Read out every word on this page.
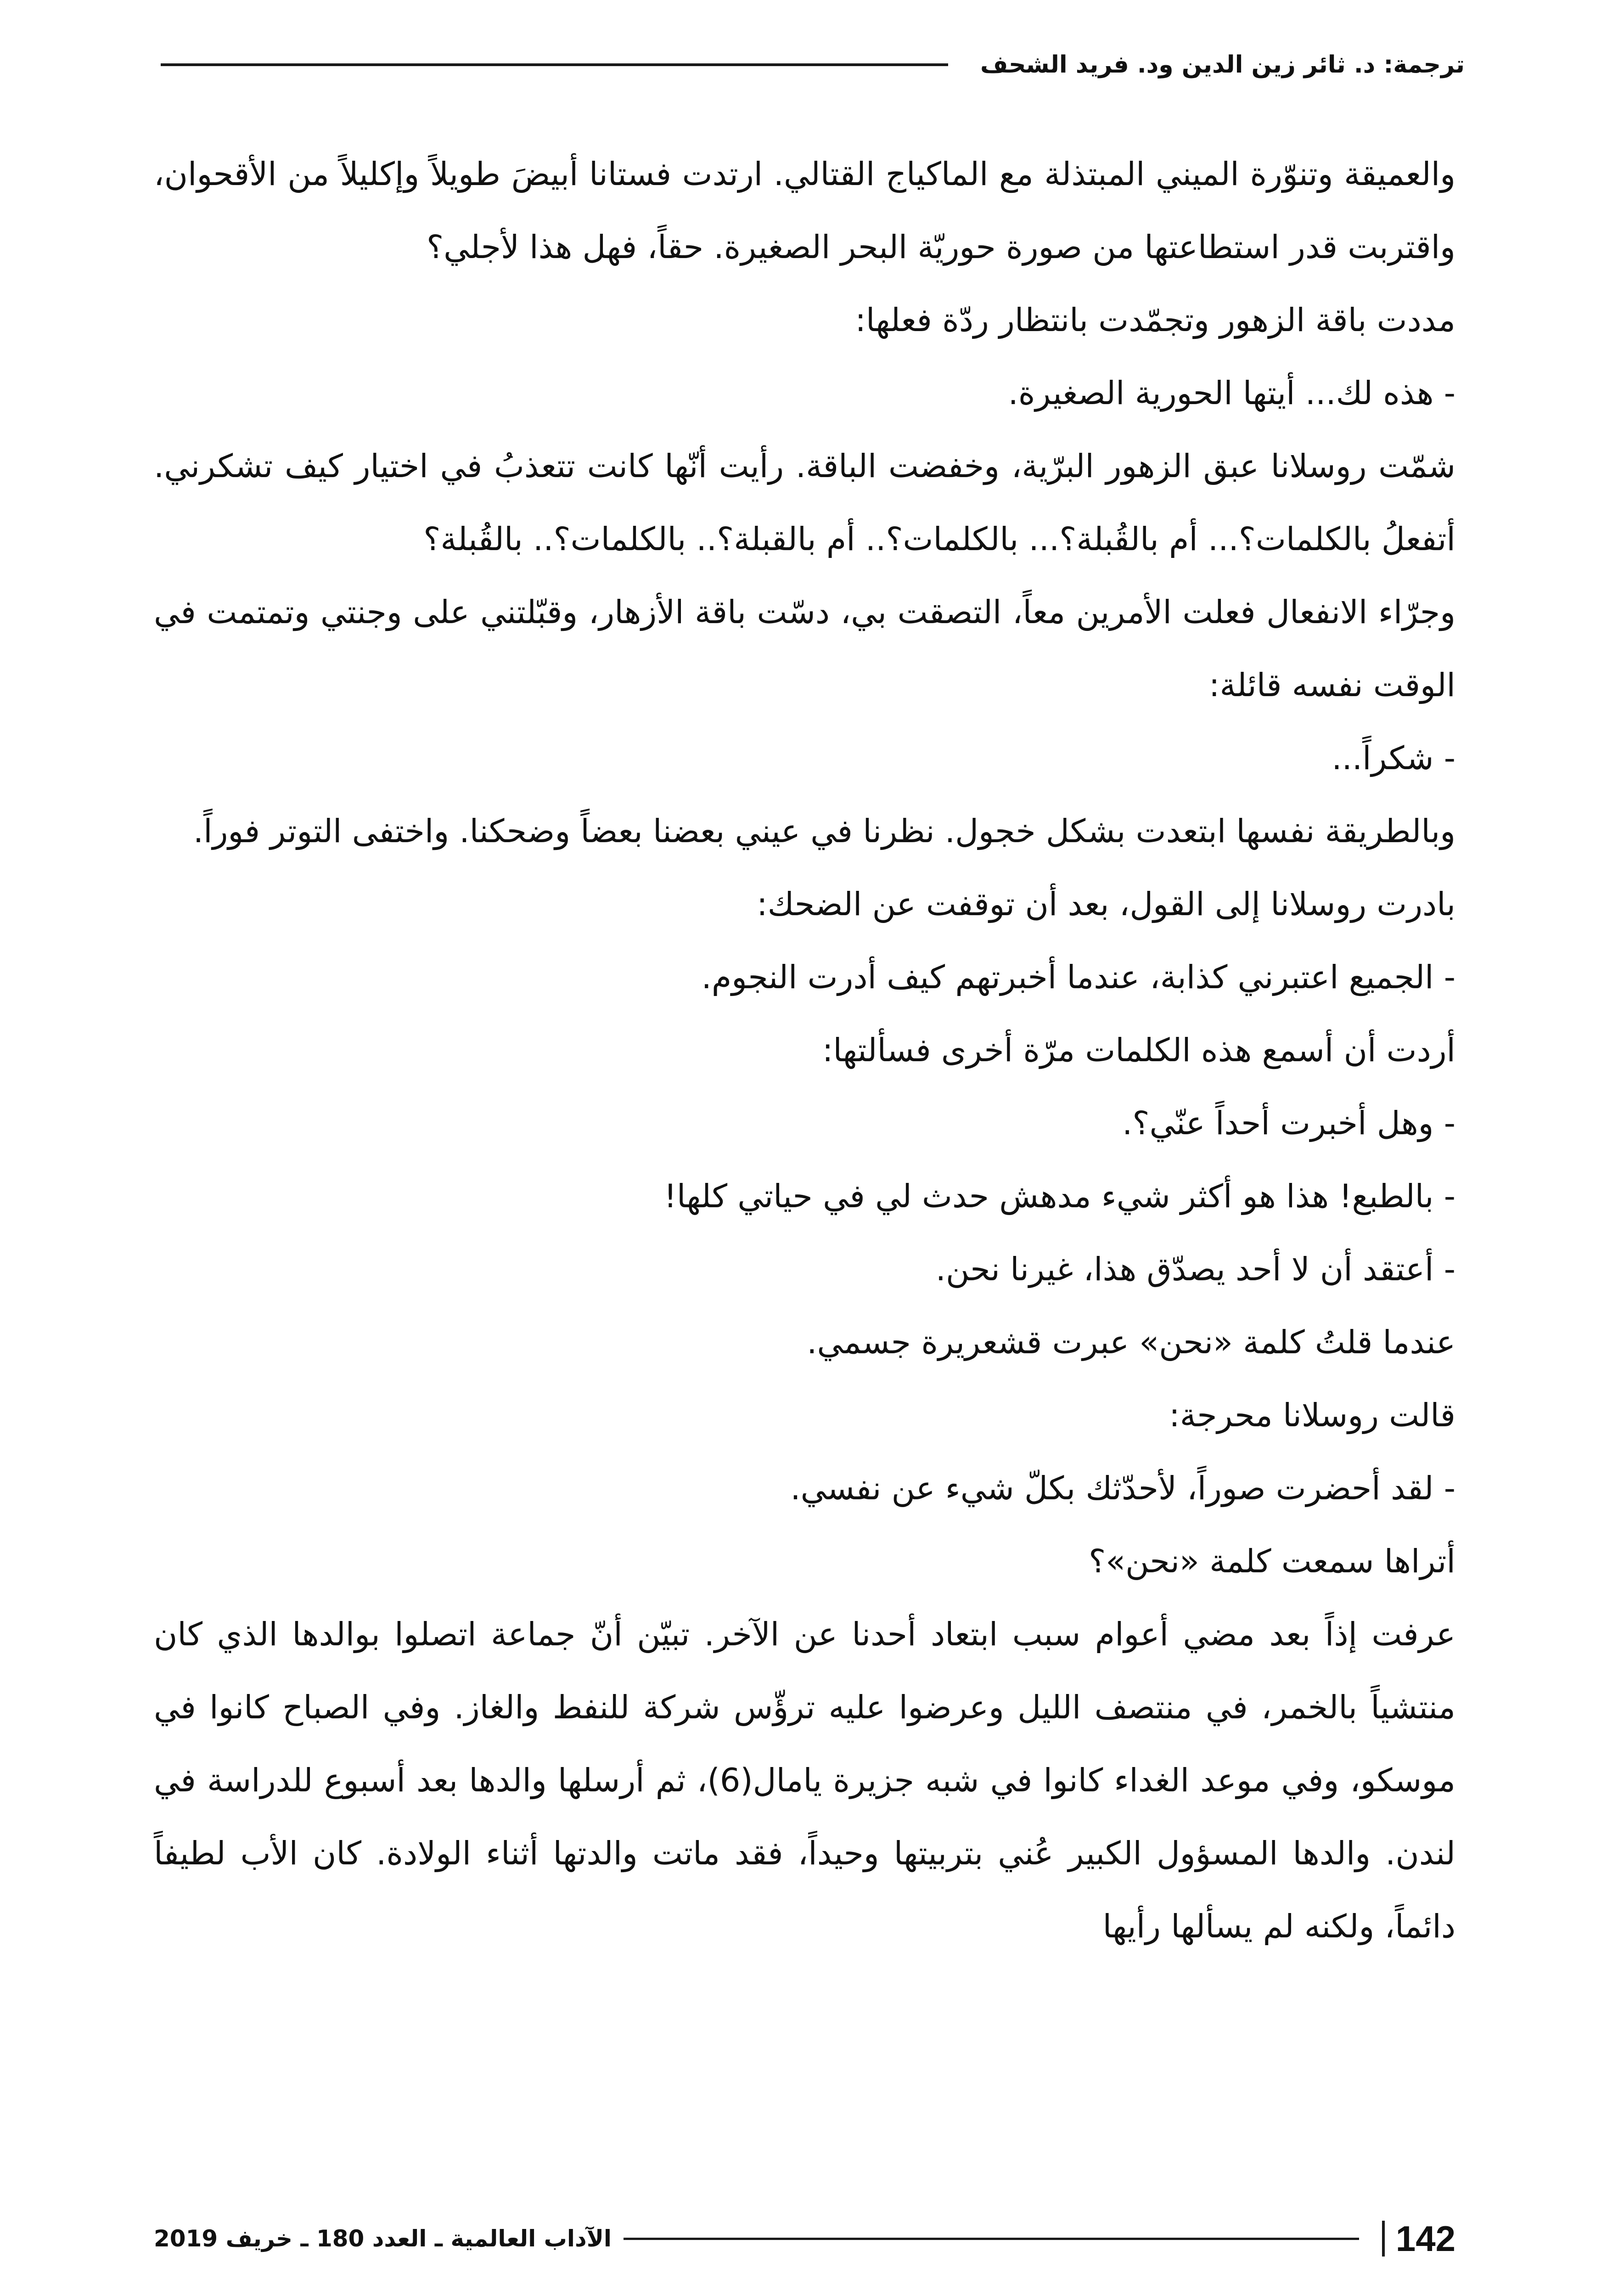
ترجمة: د. ثائر زين الدين ود. فريد الشحف

والعميقة وتنوّرة الميني المبتذلة مع الماكياج القتالي. ارتدت فستانا أبيضَ طويلاً وإكليلاً من الأقحوان، واقتربت قدر استطاعتها من صورة حوريّة البحر الصغيرة. حقاً، فهل هذا لأجلي؟

مددت باقة الزهور وتجمّدت بانتظار ردّة فعلها:

- هذه لك... أيتها الحورية الصغيرة.

شمّت روسلانا عبق الزهور البرّية، وخفضت الباقة. رأيت أنّها كانت تتعذبُ في اختيار كيف تشكرني. أتفعلُ بالكلمات؟... أم بالقُبلة؟... بالكلمات؟.. أم بالقبلة؟.. بالكلمات؟.. بالقُبلة؟

وجرّاء الانفعال فعلت الأمرين معاً، التصقت بي، دسّت باقة الأزهار، وقبّلتني على وجنتي وتمتمت في الوقت نفسه قائلة:

- شكراً...

وبالطريقة نفسها ابتعدت بشكل خجول. نظرنا في عيني بعضنا بعضاً وضحكنا. واختفى التوتر فوراً.

بادرت روسلانا إلى القول، بعد أن توقفت عن الضحك:

- الجميع اعتبرني كذابة، عندما أخبرتهم كيف أدرت النجوم.

أردت أن أسمع هذه الكلمات مرّة أخرى فسألتها:

- وهل أخبرت أحداً عنّي؟.

- بالطبع! هذا هو أكثر شيء مدهش حدث لي في حياتي كلها!

- أعتقد أن لا أحد يصدّق هذا، غيرنا نحن.

عندما قلتُ كلمة «نحن» عبرت قشعريرة جسمي.

قالت روسلانا محرجة:

- لقد أحضرت صوراً، لأحدّثك بكلّ شيء عن نفسي.

أتراها سمعت كلمة «نحن»؟

عرفت إذاً بعد مضي أعوام سبب ابتعاد أحدنا عن الآخر. تبيّن أنّ جماعة اتصلوا بوالدها الذي كان منتشياً بالخمر، في منتصف الليل وعرضوا عليه ترؤّس شركة للنفط والغاز. وفي الصباح كانوا في موسكو، وفي موعد الغداء كانوا في شبه جزيرة يامال(6)، ثم أرسلها والدها بعد أسبوع للدراسة في لندن. والدها المسؤول الكبير عُني بتربيتها وحيداً، فقد ماتت والدتها أثناء الولادة. كان الأب لطيفاً دائماً، ولكنه لم يسألها رأيها

142
الآداب العالمية ـ العدد 180 ـ خريف 2019
